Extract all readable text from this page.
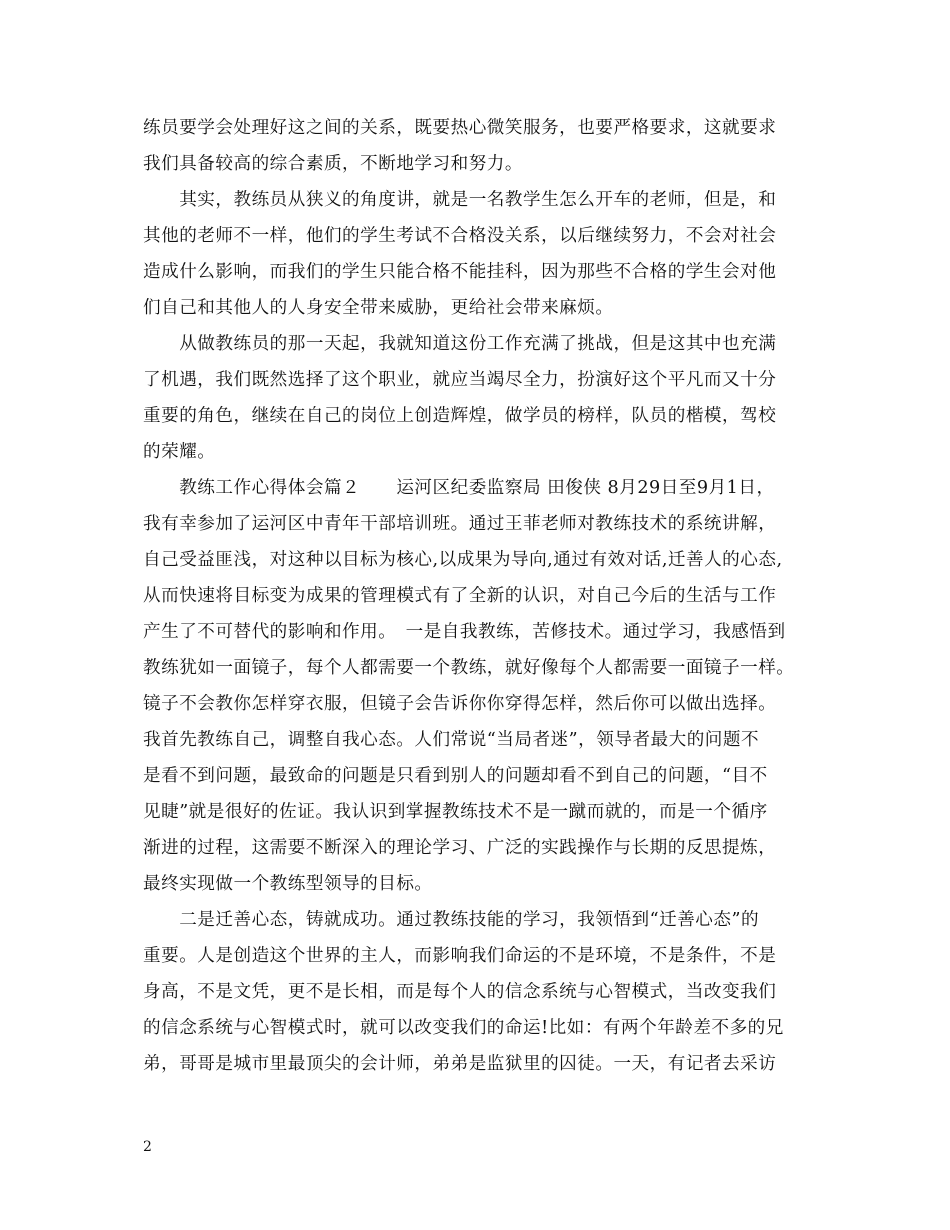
练员要学会处理好这之间的关系，既要热心微笑服务，也要严格要求，这就要求
我们具备较高的综合素质，不断地学习和努力。
　　其实，教练员从狭义的角度讲，就是一名教学生怎么开车的老师，但是，和
其他的老师不一样，他们的学生考试不合格没关系，以后继续努力，不会对社会
造成什么影响，而我们的学生只能合格不能挂科，因为那些不合格的学生会对他
们自己和其他人的人身安全带来威胁，更给社会带来麻烦。
　　从做教练员的那一天起，我就知道这份工作充满了挑战，但是这其中也充满
了机遇，我们既然选择了这个职业，就应当竭尽全力，扮演好这个平凡而又十分
重要的角色，继续在自己的岗位上创造辉煌，做学员的榜样，队员的楷模，驾校
的荣耀。
　　教练工作心得体会篇２　　运河区纪委监察局 田俊侠 8月29日至9月1日，
我有幸参加了运河区中青年干部培训班。通过王菲老师对教练技术的系统讲解，
自己受益匪浅，对这种以目标为核心,以成果为导向,通过有效对话,迁善人的心态,
从而快速将目标变为成果的管理模式有了全新的认识，对自己今后的生活与工作
产生了不可替代的影响和作用。　一是自我教练，苦修技术。通过学习，我感悟到
教练犹如一面镜子，每个人都需要一个教练，就好像每个人都需要一面镜子一样。
镜子不会教你怎样穿衣服，但镜子会告诉你你穿得怎样，然后你可以做出选择。
我首先教练自己，调整自我心态。人们常说“当局者迷”，领导者最大的问题不
是看不到问题，最致命的问题是只看到别人的问题却看不到自己的问题，“目不
见睫”就是很好的佐证。我认识到掌握教练技术不是一蹴而就的，而是一个循序
渐进的过程，这需要不断深入的理论学习、广泛的实践操作与长期的反思提炼，
最终实现做一个教练型领导的目标。
　　二是迁善心态，铸就成功。通过教练技能的学习，我领悟到“迁善心态”的
重要。人是创造这个世界的主人，而影响我们命运的不是环境，不是条件，不是
身高，不是文凭，更不是长相，而是每个人的信念系统与心智模式，当改变我们
的信念系统与心智模式时，就可以改变我们的命运!比如：有两个年龄差不多的兄
弟，哥哥是城市里最顶尖的会计师，弟弟是监狱里的囚徒。一天，有记者去采访
2
